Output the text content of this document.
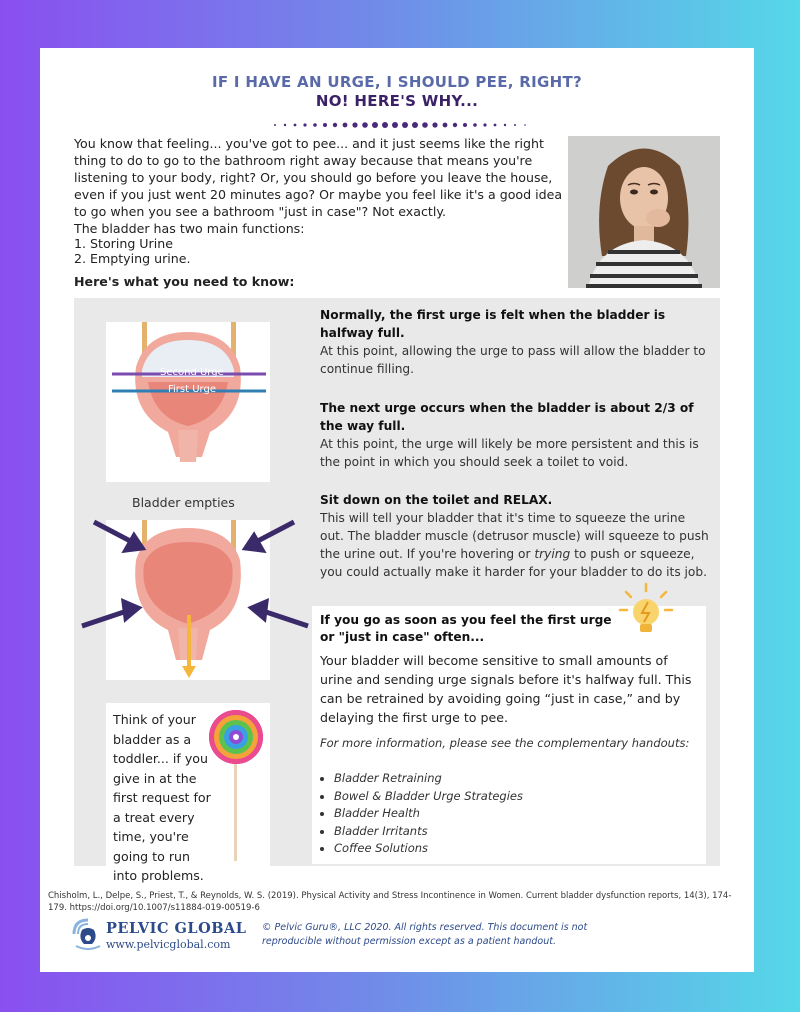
IF I HAVE AN URGE, I SHOULD PEE, RIGHT?
NO! HERE'S WHY...

You know that feeling... you've got to pee... and it just seems like the right thing to do to go to the bathroom right away because that means you're listening to your body, right? Or, you should go before you leave the house, even if you just went 20 minutes ago? Or maybe you feel like it's a good idea to go when you see a bathroom "just in case"? Not exactly.

The bladder has two main functions:
1. Storing Urine
2. Emptying urine.
Here's what you need to know:
Second Urge
First Urge
Bladder empties
Normally, the first urge is felt when the bladder is halfway full.

At this point, allowing the urge to pass will allow the bladder to continue filling.

The next urge occurs when the bladder is about 2/3 of the way full.

At this point, the urge will likely be more persistent and this is the point in which you should seek a toilet to void.

Sit down on the toilet and RELAX.

This will tell your bladder that it's time to squeeze the urine out. The bladder muscle (detrusor muscle) will squeeze to push the urine out. If you're hovering or trying to push or squeeze, you could actually make it harder for your bladder to do its job.

If you go as soon as you feel the first urge or "just in case" often...
Your bladder will become sensitive to small amounts of urine and sending urge signals before it's halfway full. This can be retrained by avoiding going “just in case,” and by delaying the first urge to pee.
For more information, please see the complementary handouts:
• Bladder Retraining
• Bowel & Bladder Urge Strategies
• Bladder Health
• Bladder Irritants
• Coffee Solutions
Think of your bladder as a toddler... if you give in at the first request for a treat every time, you're going to run into problems.
Chisholm, L., Delpe, S., Priest, T., & Reynolds, W. S. (2019). Physical Activity and Stress Incontinence in Women. Current bladder dysfunction reports, 14(3), 174-179. https://doi.org/10.1007/s11884-019-00519-6
PELVIC GLOBAL
www.pelvicglobal.com
© Pelvic Guru®, LLC 2020. All rights reserved. This document is not reproducible without permission except as a patient handout.
